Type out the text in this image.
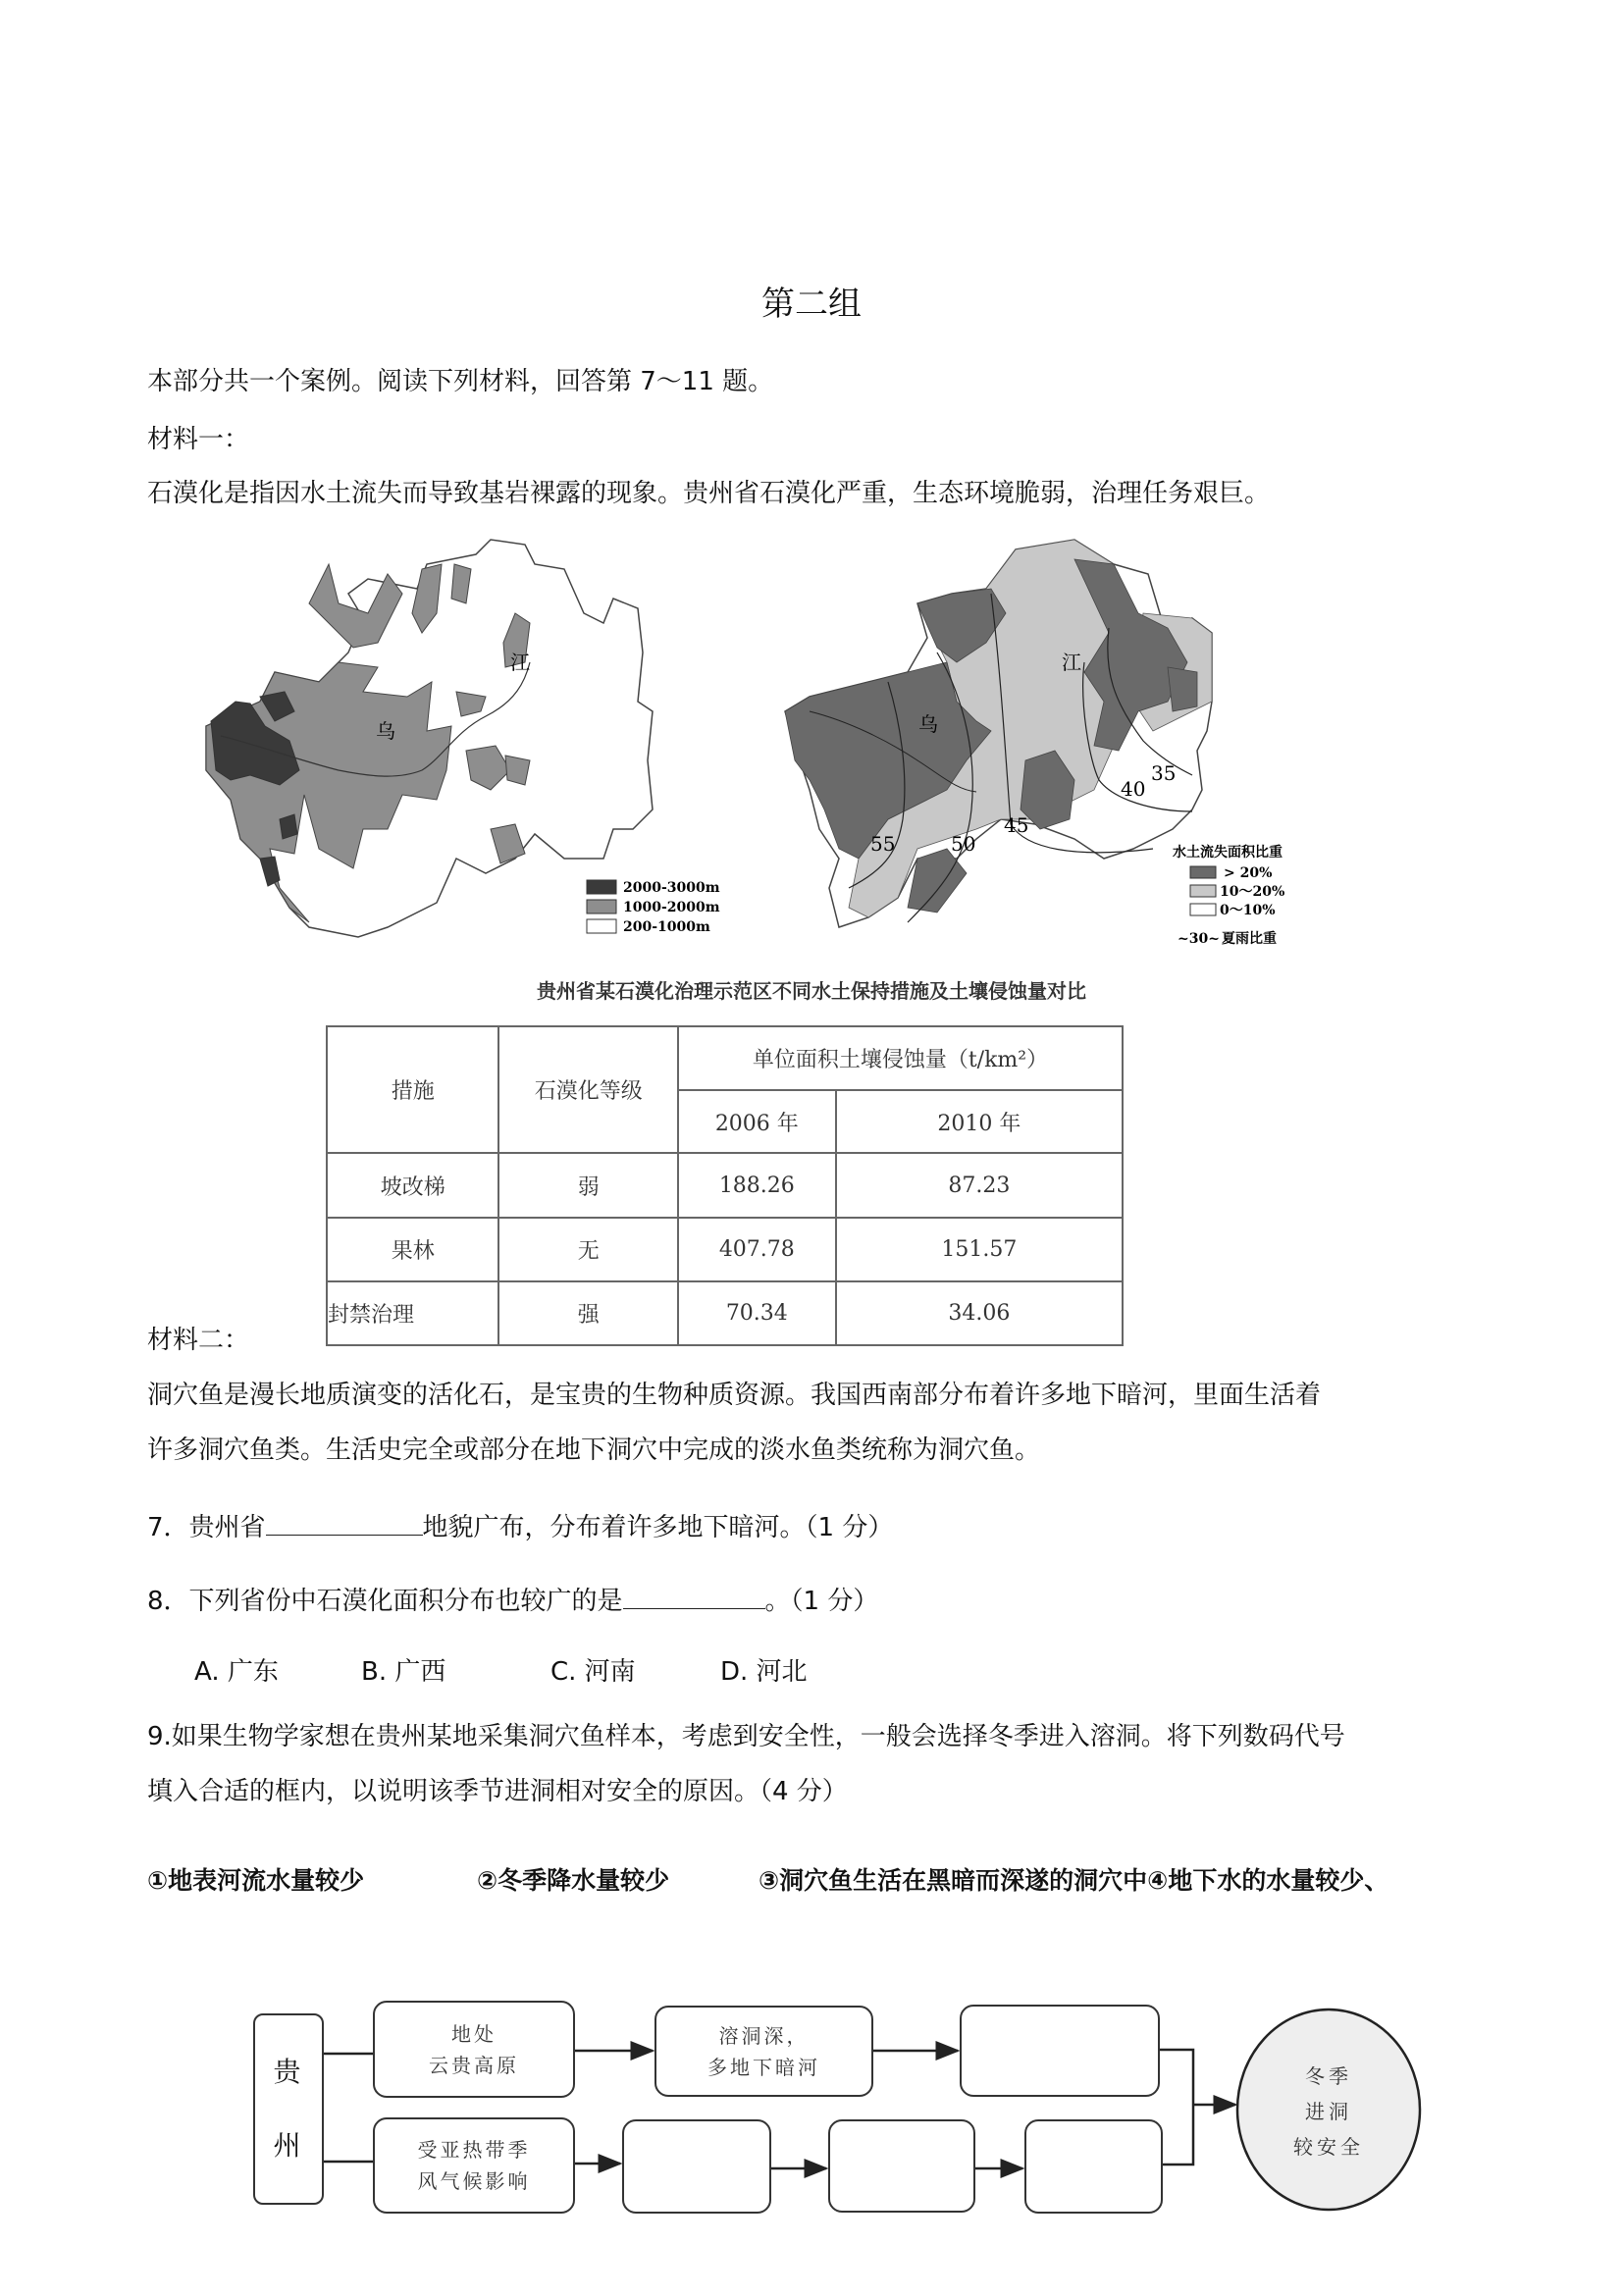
第二组
本部分共一个案例。阅读下列材料，回答第 7～11 题。
材料一：
石漠化是指因水土流失而导致基岩裸露的现象。贵州省石漠化严重，生态环境脆弱，治理任务艰巨。
江
乌
2000-3000m
1000-2000m
200-1000m
江
乌
55	50
45
40
35
水土流失面积比重
> 20%
10～20%
0～10%
~30~ 夏雨比重
贵州省某石漠化治理示范区不同水土保持措施及土壤侵蚀量对比
措施	石漠化等级	单位面积土壤侵蚀量（t/km²）	
		2006 年	2010 年
坡改梯	弱	188.26	87.23
果林	无	407.78	151.57
封禁治理	强	70.34	34.06
材料二：
洞穴鱼是漫长地质演变的活化石，是宝贵的生物种质资源。我国西南部分布着许多地下暗河，里面生活着
许多洞穴鱼类。生活史完全或部分在地下洞穴中完成的淡水鱼类统称为洞穴鱼。
7．贵州省	地貌广布，分布着许多地下暗河。（1 分）
8．下列省份中石漠化面积分布也较广的是	。（1 分）
A. 广东	B. 广西	C. 河南	D. 河北
9.如果生物学家想在贵州某地采集洞穴鱼样本，考虑到安全性，一般会选择冬季进入溶洞。将下列数码代号
填入合适的框内，以说明该季节进洞相对安全的原因。（4 分）
①地表河流水量较少	②冬季降水量较少	③洞穴鱼生活在黑暗而深遂的洞穴中④地下水的水量较少、
贵
州
地处
云贵高原
溶洞深，
多地下暗河
受亚热带季
风气候影响
冬季
进洞
较安全
